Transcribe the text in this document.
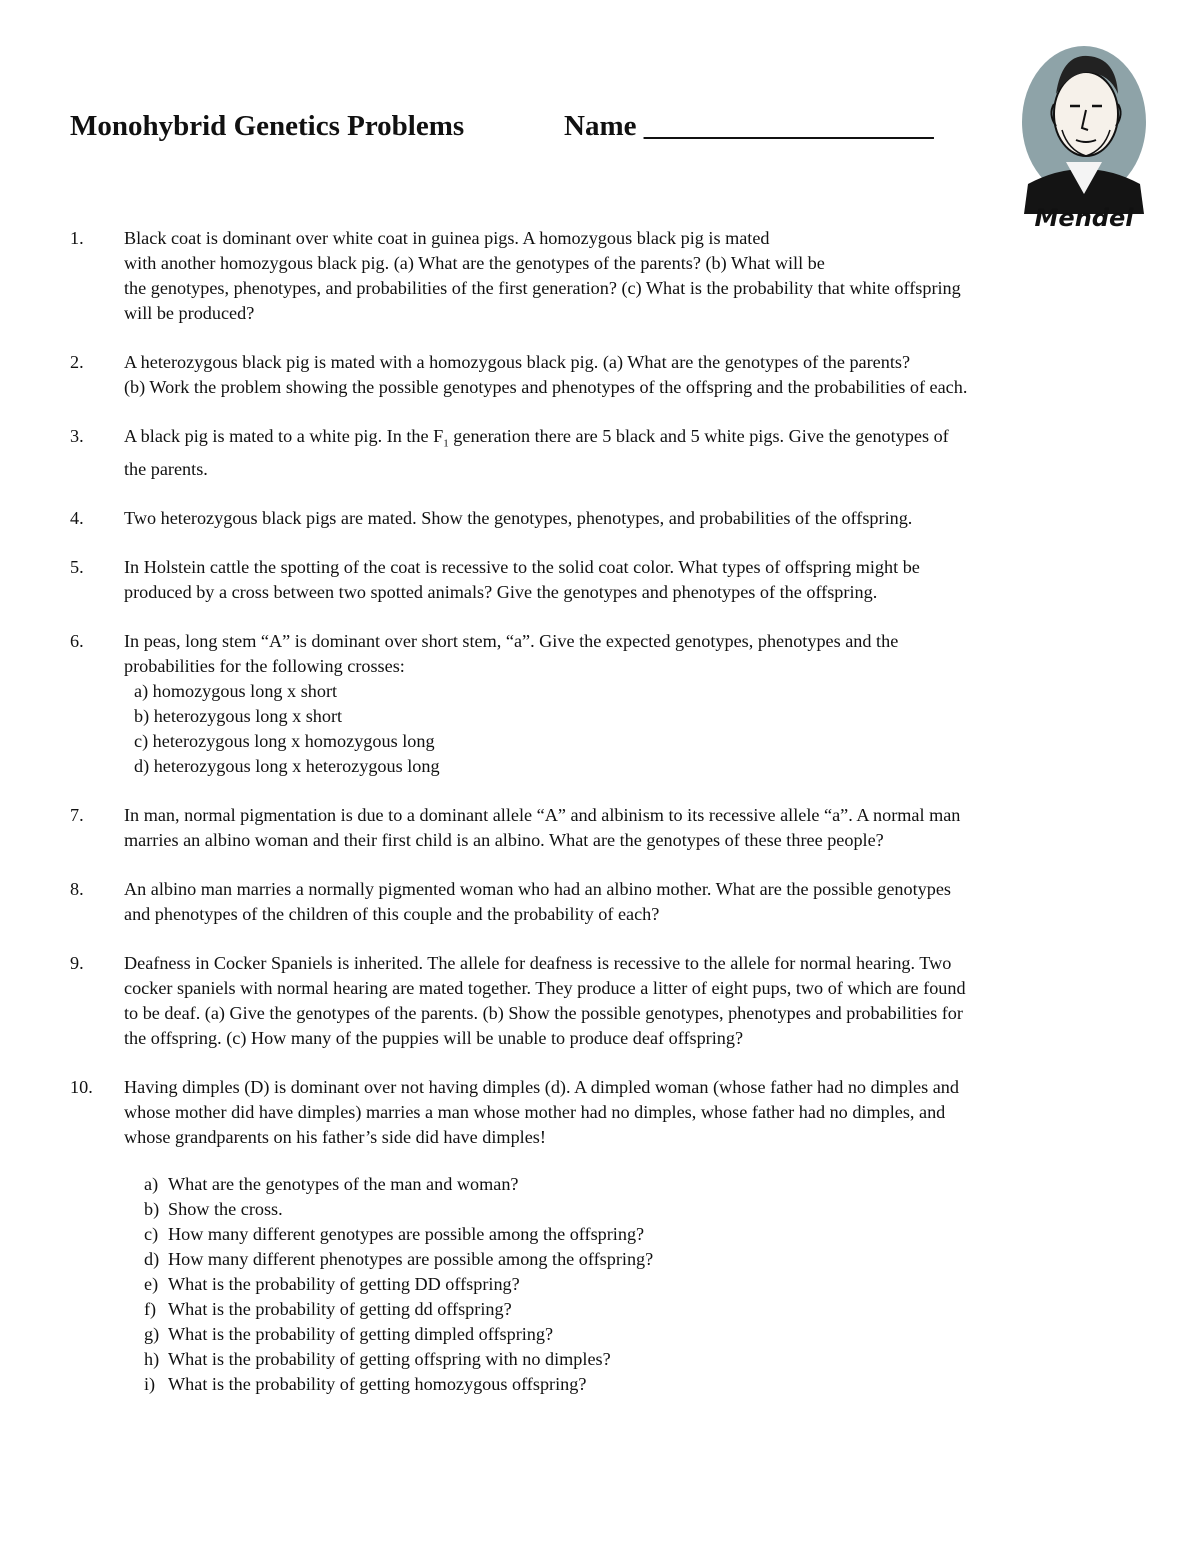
Monohybrid Genetics Problems	Name ____________________
Mendel
1. Black coat is dominant over white coat in guinea pigs. A homozygous black pig is mated
with another homozygous black pig. (a) What are the genotypes of the parents? (b) What will be
the genotypes, phenotypes, and probabilities of the first generation? (c) What is the probability that white offspring
will be produced?
2. A heterozygous black pig is mated with a homozygous black pig. (a) What are the genotypes of the parents?
(b) Work the problem showing the possible genotypes and phenotypes of the offspring and the probabilities of each.
3. A black pig is mated to a white pig. In the $F_1$ generation there are 5 black and 5 white pigs. Give the genotypes of
the parents.
4. Two heterozygous black pigs are mated. Show the genotypes, phenotypes, and probabilities of the offspring.
5. In Holstein cattle the spotting of the coat is recessive to the solid coat color. What types of offspring might be
produced by a cross between two spotted animals? Give the genotypes and phenotypes of the offspring.
6. In peas, long stem “A” is dominant over short stem, “a”. Give the expected genotypes, phenotypes and the
probabilities for the following crosses:
a) homozygous long x short
b) heterozygous long x short
c) heterozygous long x homozygous long
d) heterozygous long x heterozygous long
7. In man, normal pigmentation is due to a dominant allele “A” and albinism to its recessive allele “a”. A normal man
marries an albino woman and their first child is an albino. What are the genotypes of these three people?
8. An albino man marries a normally pigmented woman who had an albino mother. What are the possible genotypes
and phenotypes of the children of this couple and the probability of each?
9. Deafness in Cocker Spaniels is inherited. The allele for deafness is recessive to the allele for normal hearing. Two
cocker spaniels with normal hearing are mated together. They produce a litter of eight pups, two of which are found
to be deaf. (a) Give the genotypes of the parents. (b) Show the possible genotypes, phenotypes and probabilities for
the offspring. (c) How many of the puppies will be unable to produce deaf offspring?
10. Having dimples (D) is dominant over not having dimples (d). A dimpled woman (whose father had no dimples and
whose mother did have dimples) marries a man whose mother had no dimples, whose father had no dimples, and
whose grandparents on his father’s side did have dimples!
a) What are the genotypes of the man and woman?
b) Show the cross.
c) How many different genotypes are possible among the offspring?
d) How many different phenotypes are possible among the offspring?
e) What is the probability of getting DD offspring?
f) What is the probability of getting dd offspring?
g) What is the probability of getting dimpled offspring?
h) What is the probability of getting offspring with no dimples?
i) What is the probability of getting homozygous offspring?
